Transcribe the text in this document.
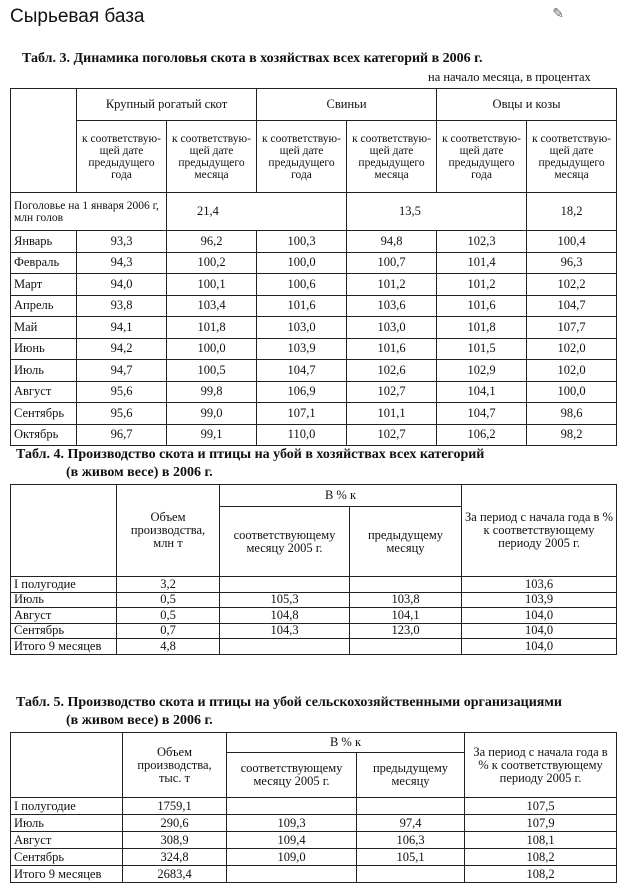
Сырьевая база	✎
Табл. 3. Динамика поголовья скота в хозяйствах всех категорий в 2006 г.
на начало месяца, в процентах
	Крупный рогатый скот		Свиньи		Овцы и козы	
	к соответствую-щей дате предыдущего года	к соответствую-щей дате предыдущего месяца	к соответствую-щей дате предыдущего года	к соответствую-щей дате предыдущего месяца	к соответствую-щей дате предыдущего года	к соответствую-щей дате предыдущего месяца
Поголовье на 1 января 2006 г, млн голов		21,4		13,5		18,2
Январь	93,3	96,2	100,3	94,8	102,3	100,4
Февраль	94,3	100,2	100,0	100,7	101,4	96,3
Март	94,0	100,1	100,6	101,2	101,2	102,2
Апрель	93,8	103,4	101,6	103,6	101,6	104,7
Май	94,1	101,8	103,0	103,0	101,8	107,7
Июнь	94,2	100,0	103,9	101,6	101,5	102,0
Июль	94,7	100,5	104,7	102,6	102,9	102,0
Август	95,6	99,8	106,9	102,7	104,1	100,0
Сентябрь	95,6	99,0	107,1	101,1	104,7	98,6
Октябрь	96,7	99,1	110,0	102,7	106,2	98,2
Табл. 4. Производство скота и птицы на убой в хозяйствах всех категорий
(в живом весе) в 2006 г.
	Объем производства, млн т	В % к		За период с начала года в % к соответствующему периоду 2005 г.
		соответствующему месяцу 2005 г.	предыдущему месяцу	
I полугодие	3,2			103,6
Июль	0,5	105,3	103,8	103,9
Август	0,5	104,8	104,1	104,0
Сентябрь	0,7	104,3	123,0	104,0
Итого 9 месяцев	4,8			104,0
Табл. 5. Производство скота и птицы на убой сельскохозяйственными организациями
(в живом весе) в 2006 г.
	Объем производства, тыс. т	В % к		За период с начала года в % к соответствующему периоду 2005 г.
		соответствующему месяцу 2005 г.	предыдущему месяцу	
I полугодие	1759,1			107,5
Июль	290,6	109,3	97,4	107,9
Август	308,9	109,4	106,3	108,1
Сентябрь	324,8	109,0	105,1	108,2
Итого 9 месяцев	2683,4			108,2
